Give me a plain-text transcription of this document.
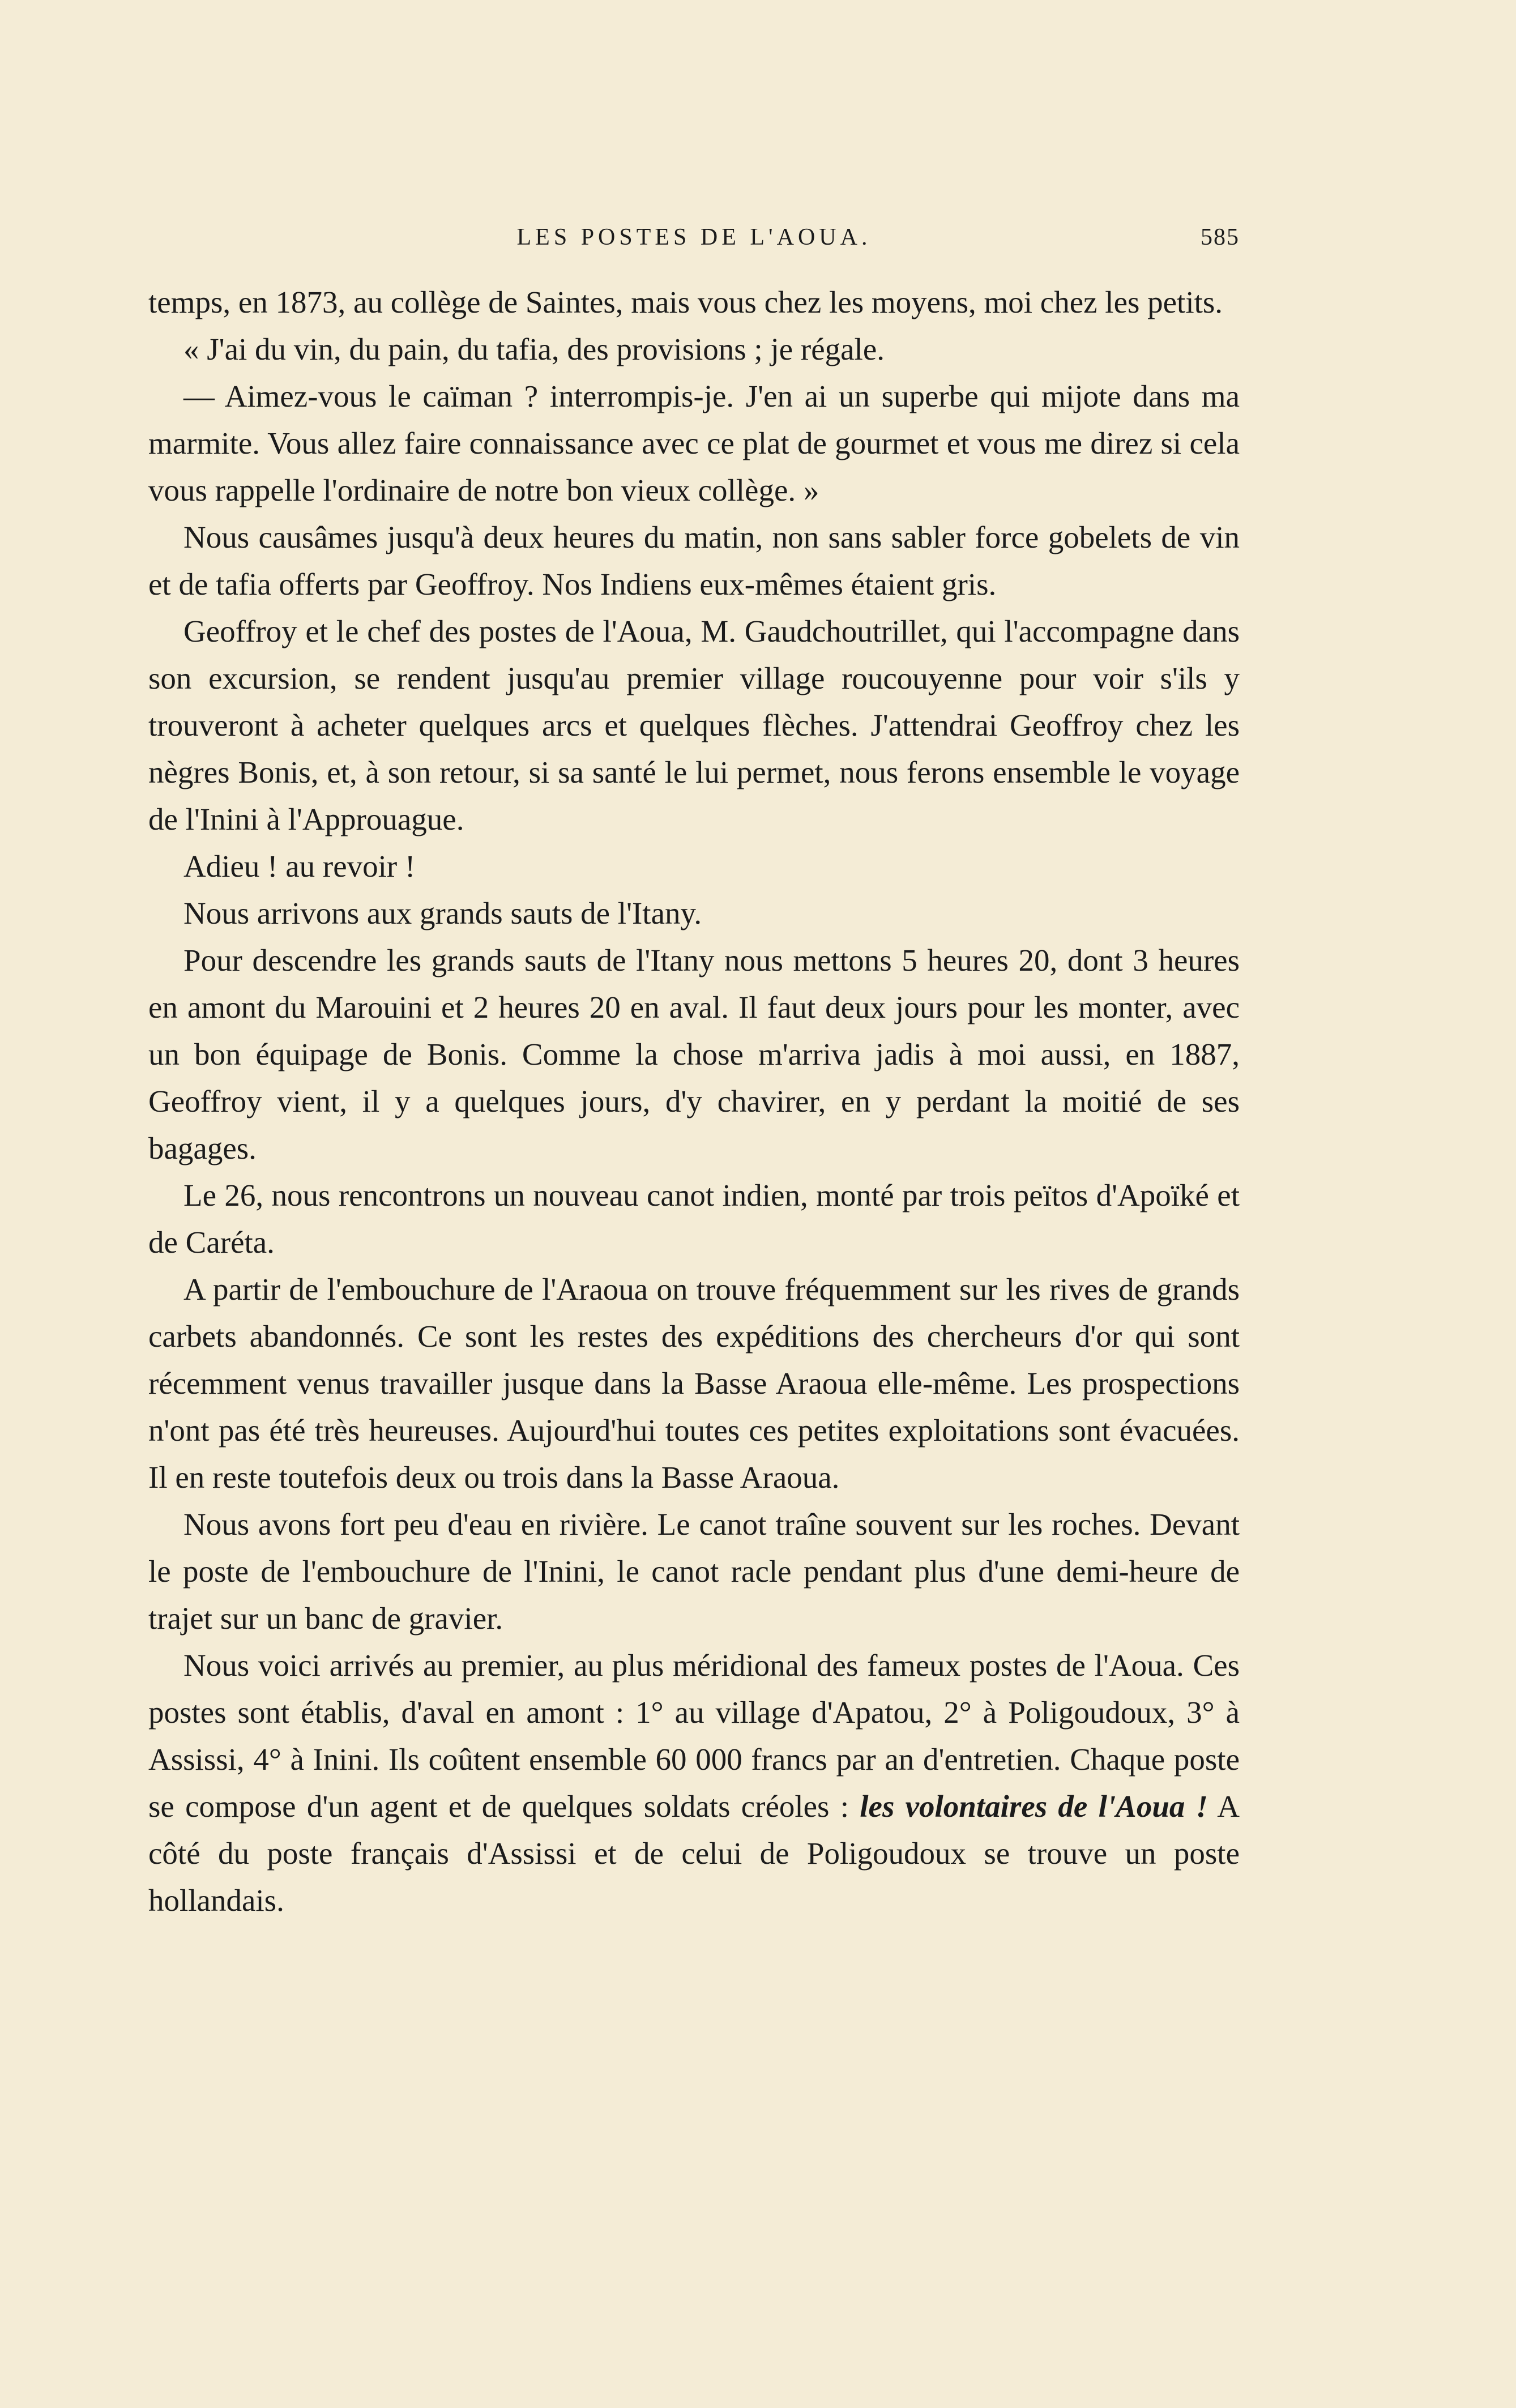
LES POSTES DE L'AOUA.	585

temps, en 1873, au collège de Saintes, mais vous chez les moyens, moi chez les petits.

« J'ai du vin, du pain, du tafia, des provisions ; je régale.

— Aimez-vous le caïman ? interrompis-je. J'en ai un superbe qui mijote dans ma marmite. Vous allez faire connaissance avec ce plat de gourmet et vous me direz si cela vous rappelle l'ordinaire de notre bon vieux collège. »

Nous causâmes jusqu'à deux heures du matin, non sans sabler force gobelets de vin et de tafia offerts par Geoffroy. Nos Indiens eux-mêmes étaient gris.

Geoffroy et le chef des postes de l'Aoua, M. Gaudchoutrillet, qui l'accompagne dans son excursion, se rendent jusqu'au premier village roucouyenne pour voir s'ils y trouveront à acheter quelques arcs et quelques flèches. J'attendrai Geoffroy chez les nègres Bonis, et, à son retour, si sa santé le lui permet, nous ferons ensemble le voyage de l'Inini à l'Approuague.

Adieu ! au revoir !

Nous arrivons aux grands sauts de l'Itany.

Pour descendre les grands sauts de l'Itany nous mettons 5 heures 20, dont 3 heures en amont du Marouini et 2 heures 20 en aval. Il faut deux jours pour les monter, avec un bon équipage de Bonis. Comme la chose m'arriva jadis à moi aussi, en 1887, Geoffroy vient, il y a quelques jours, d'y chavirer, en y perdant la moitié de ses bagages.

Le 26, nous rencontrons un nouveau canot indien, monté par trois peïtos d'Apoïké et de Caréta.

A partir de l'embouchure de l'Araoua on trouve fréquemment sur les rives de grands carbets abandonnés. Ce sont les restes des expéditions des chercheurs d'or qui sont récemment venus travailler jusque dans la Basse Araoua elle-même. Les prospections n'ont pas été très heureuses. Aujourd'hui toutes ces petites exploitations sont évacuées. Il en reste toutefois deux ou trois dans la Basse Araoua.

Nous avons fort peu d'eau en rivière. Le canot traîne souvent sur les roches. Devant le poste de l'embouchure de l'Inini, le canot racle pendant plus d'une demi-heure de trajet sur un banc de gravier.

Nous voici arrivés au premier, au plus méridional des fameux postes de l'Aoua. Ces postes sont établis, d'aval en amont : 1° au village d'Apatou, 2° à Poligoudoux, 3° à Assissi, 4° à Inini. Ils coûtent ensemble 60 000 francs par an d'entretien. Chaque poste se compose d'un agent et de quelques soldats créoles : les volontaires de l'Aoua ! A côté du poste français d'Assissi et de celui de Poligoudoux se trouve un poste hollandais.
